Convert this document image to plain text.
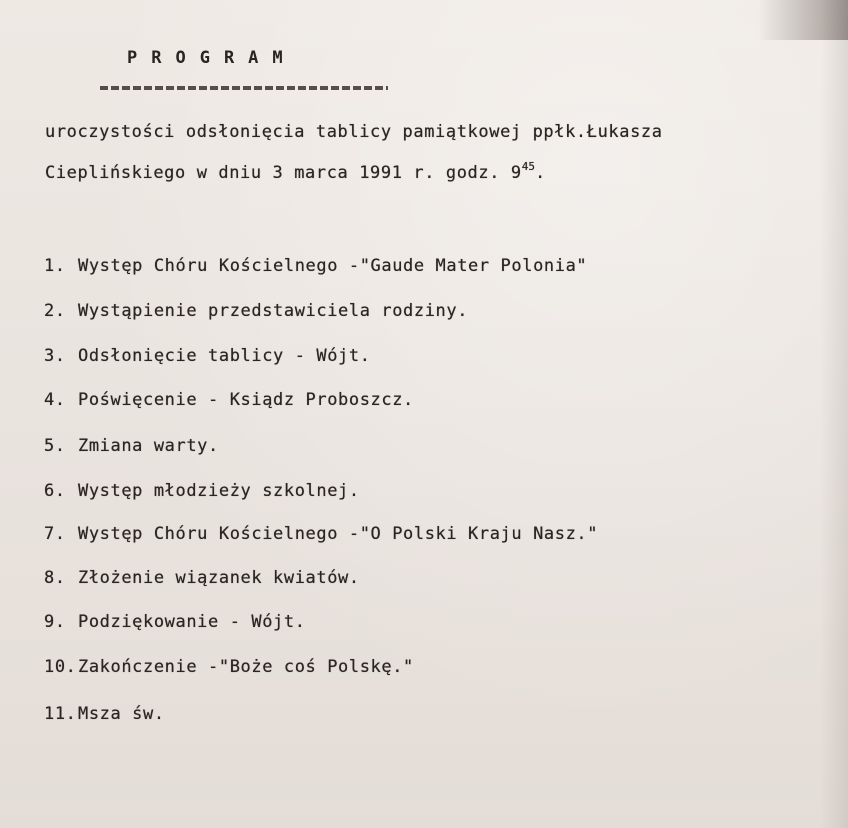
PROGRAM
uroczystości odsłonięcia tablicy pamiątkowej ppłk.Łukasza
Cieplińskiego w dniu 3 marca 1991 r. godz. $9^{45}$.
1. Występ Chóru Kościelnego -"Gaude Mater Polonia"
2. Wystąpienie przedstawiciela rodziny.
3. Odsłonięcie tablicy - Wójt.
4. Poświęcenie - Ksiądz Proboszcz.
5. Zmiana warty.
6. Występ młodzieży szkolnej.
7. Występ Chóru Kościelnego -"O Polski Kraju Nasz."
8. Złożenie wiązanek kwiatów.
9. Podziękowanie - Wójt.
10. Zakończenie -"Boże coś Polskę."
11. Msza św.
